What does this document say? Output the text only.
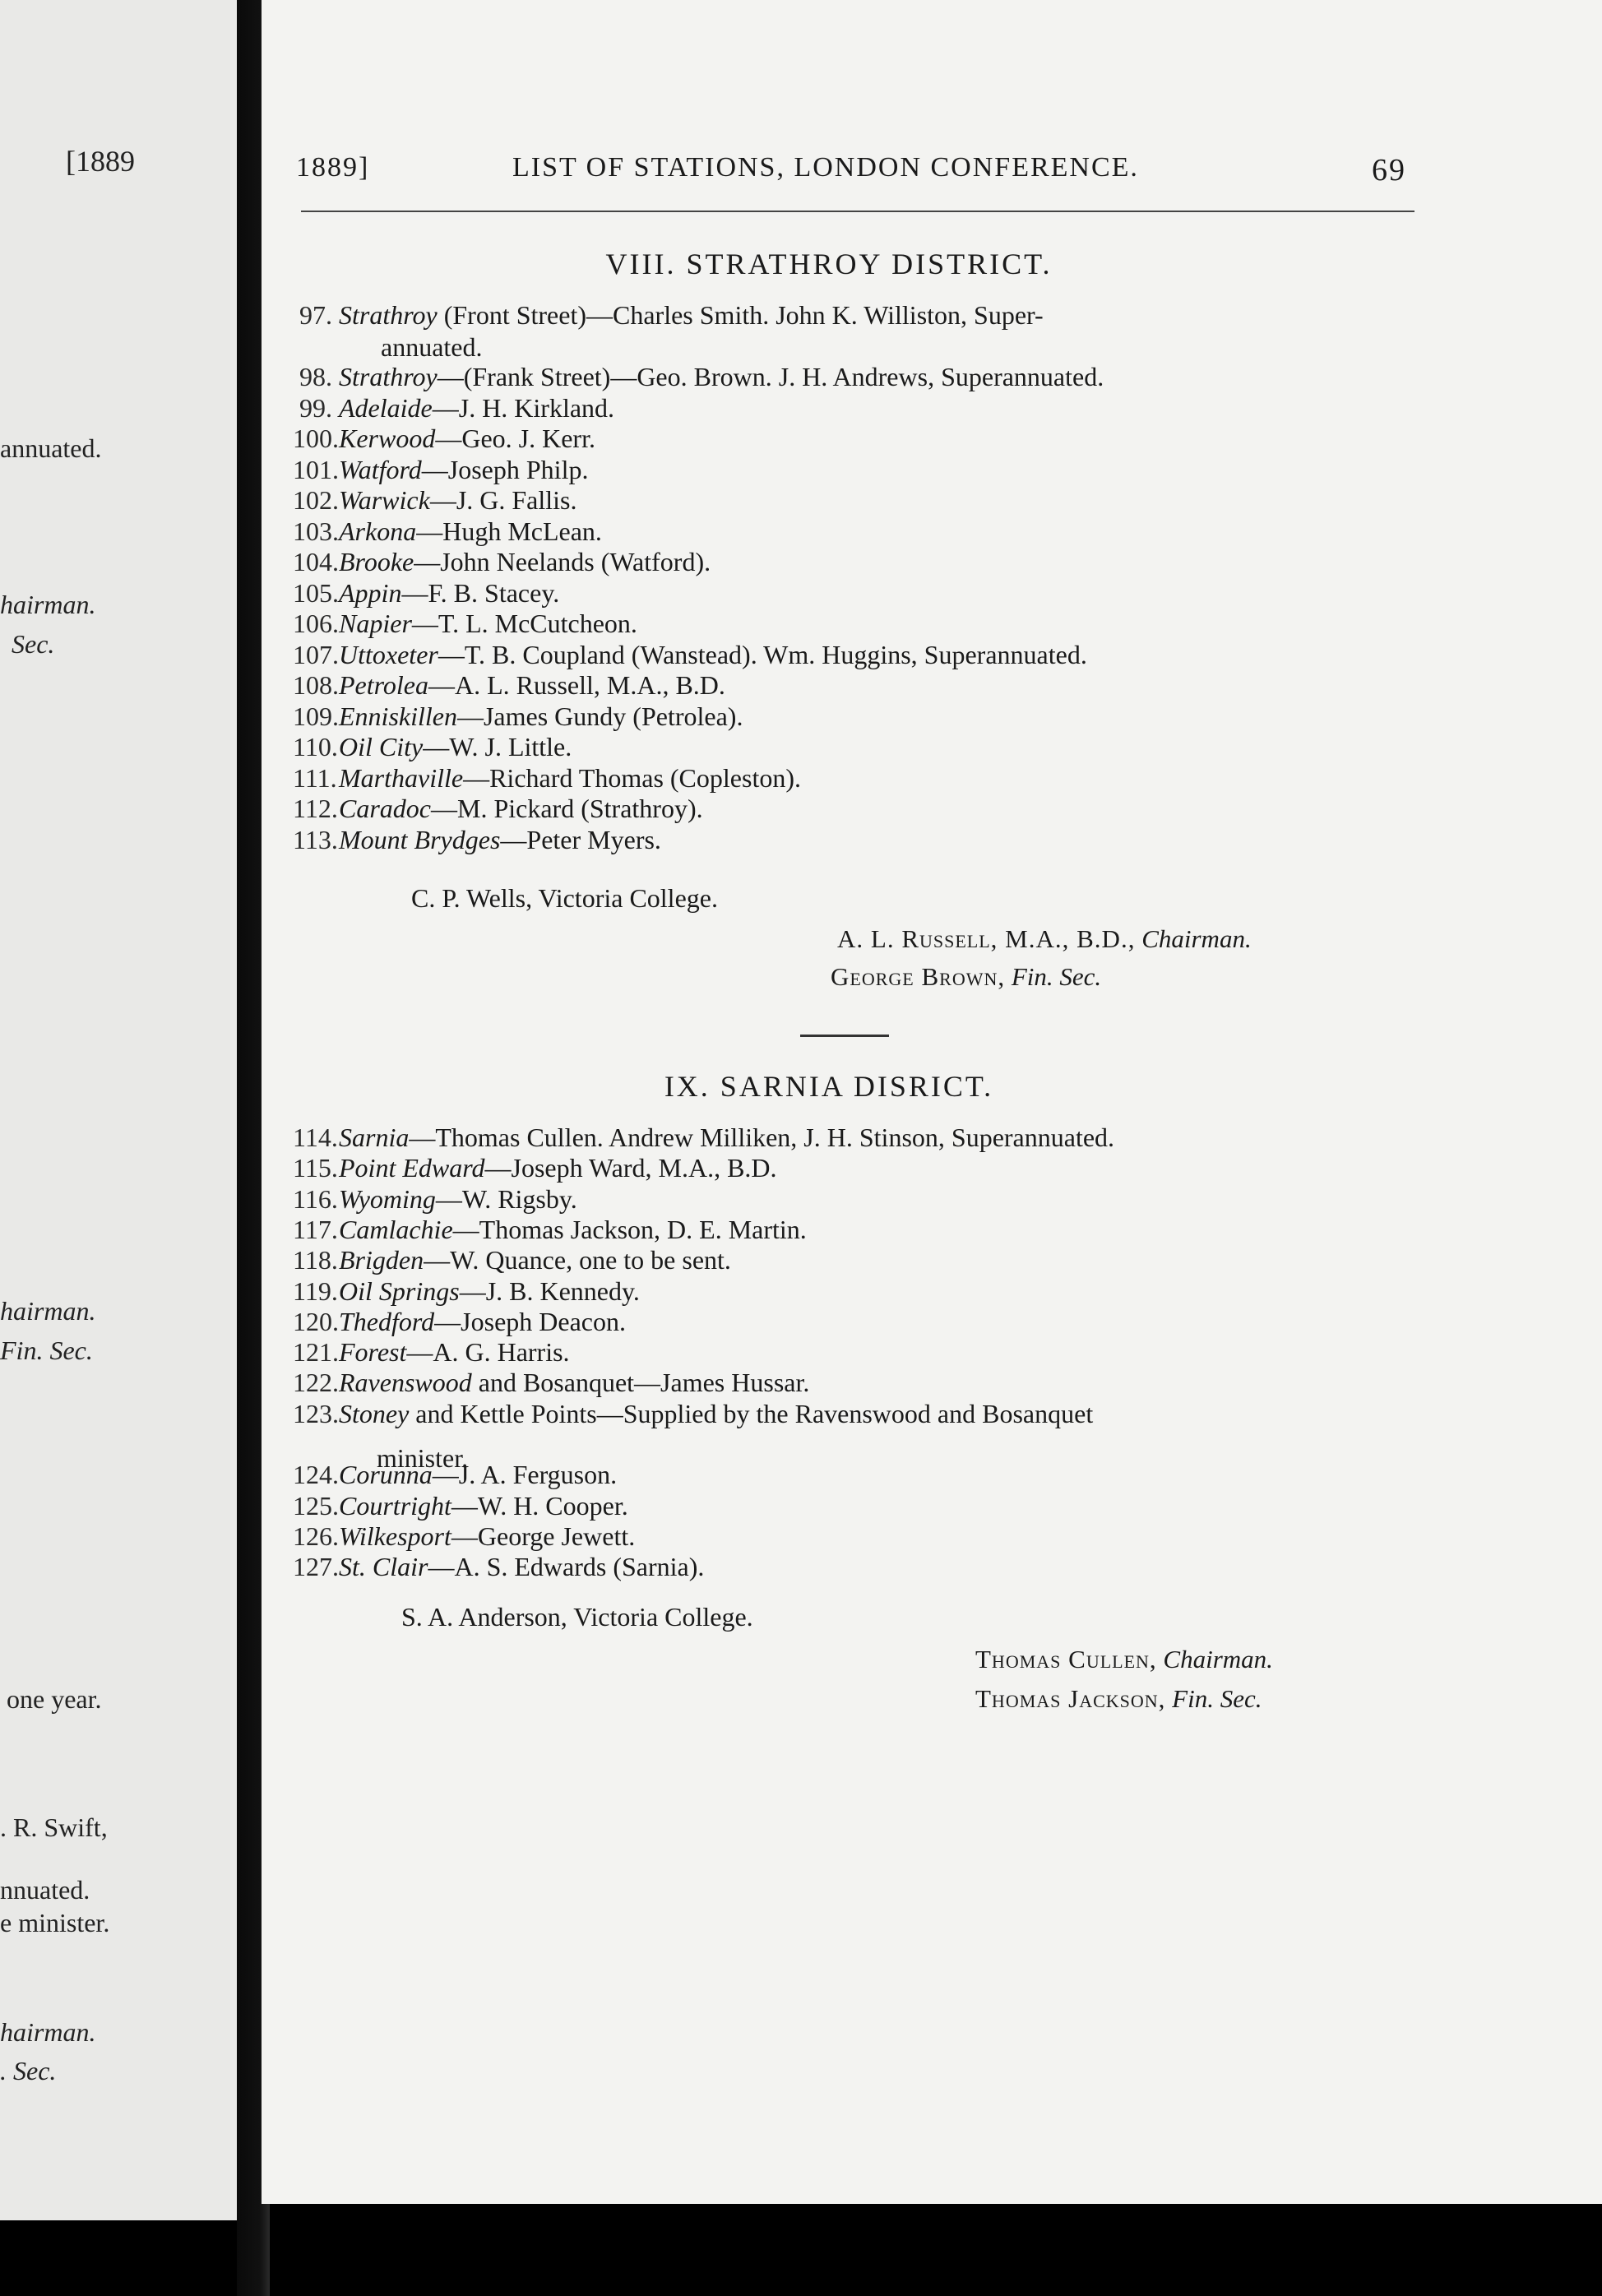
[1889
annuated.
hairman.
Sec.
hairman.
Fin. Sec.
one year.
. R. Swift,
nnuated.
e minister.
hairman.
. Sec.
1889]	LIST OF STATIONS, LONDON CONFERENCE.	69
VIII. STRATHROY DISTRICT.
97. Strathroy (Front Street)—Charles Smith. John K. Williston, Super-
98. Strathroy—(Frank Street)—Geo. Brown. J. H. Andrews, Superannuated.
99. Adelaide—J. H. Kirkland.
100.Kerwood—Geo. J. Kerr.
101.Watford—Joseph Philp.
102.Warwick—J. G. Fallis.
103.Arkona—Hugh McLean.
104.Brooke—John Neelands (Watford).
105.Appin—F. B. Stacey.
106.Napier—T. L. McCutcheon.
107.Uttoxeter—T. B. Coupland (Wanstead). Wm. Huggins, Superannuated.
108.Petrolea—A. L. Russell, M.A., B.D.
109.Enniskillen—James Gundy (Petrolea).
110.Oil City—W. J. Little.
111.Marthaville—Richard Thomas (Copleston).
112.Caradoc—M. Pickard (Strathroy).
113.Mount Brydges—Peter Myers.
annuated.
C. P. Wells, Victoria College.
A. L. Russell, M.A., B.D., Chairman.
George Brown, Fin. Sec.
IX. SARNIA DISRICT.
114.Sarnia—Thomas Cullen. Andrew Milliken, J. H. Stinson, Superannuated.
115.Point Edward—Joseph Ward, M.A., B.D.
116.Wyoming—W. Rigsby.
117.Camlachie—Thomas Jackson, D. E. Martin.
118.Brigden—W. Quance, one to be sent.
119.Oil Springs—J. B. Kennedy.
120.Thedford—Joseph Deacon.
121.Forest—A. G. Harris.
122.Ravenswood and Bosanquet—James Hussar.
123.Stoney and Kettle Points—Supplied by the Ravenswood and Bosanquet
124.Corunna—J. A. Ferguson.
125.Courtright—W. H. Cooper.
126.Wilkesport—George Jewett.
127.St. Clair—A. S. Edwards (Sarnia).
minister.
S. A. Anderson, Victoria College.
Thomas Cullen, Chairman.
Thomas Jackson, Fin. Sec.
